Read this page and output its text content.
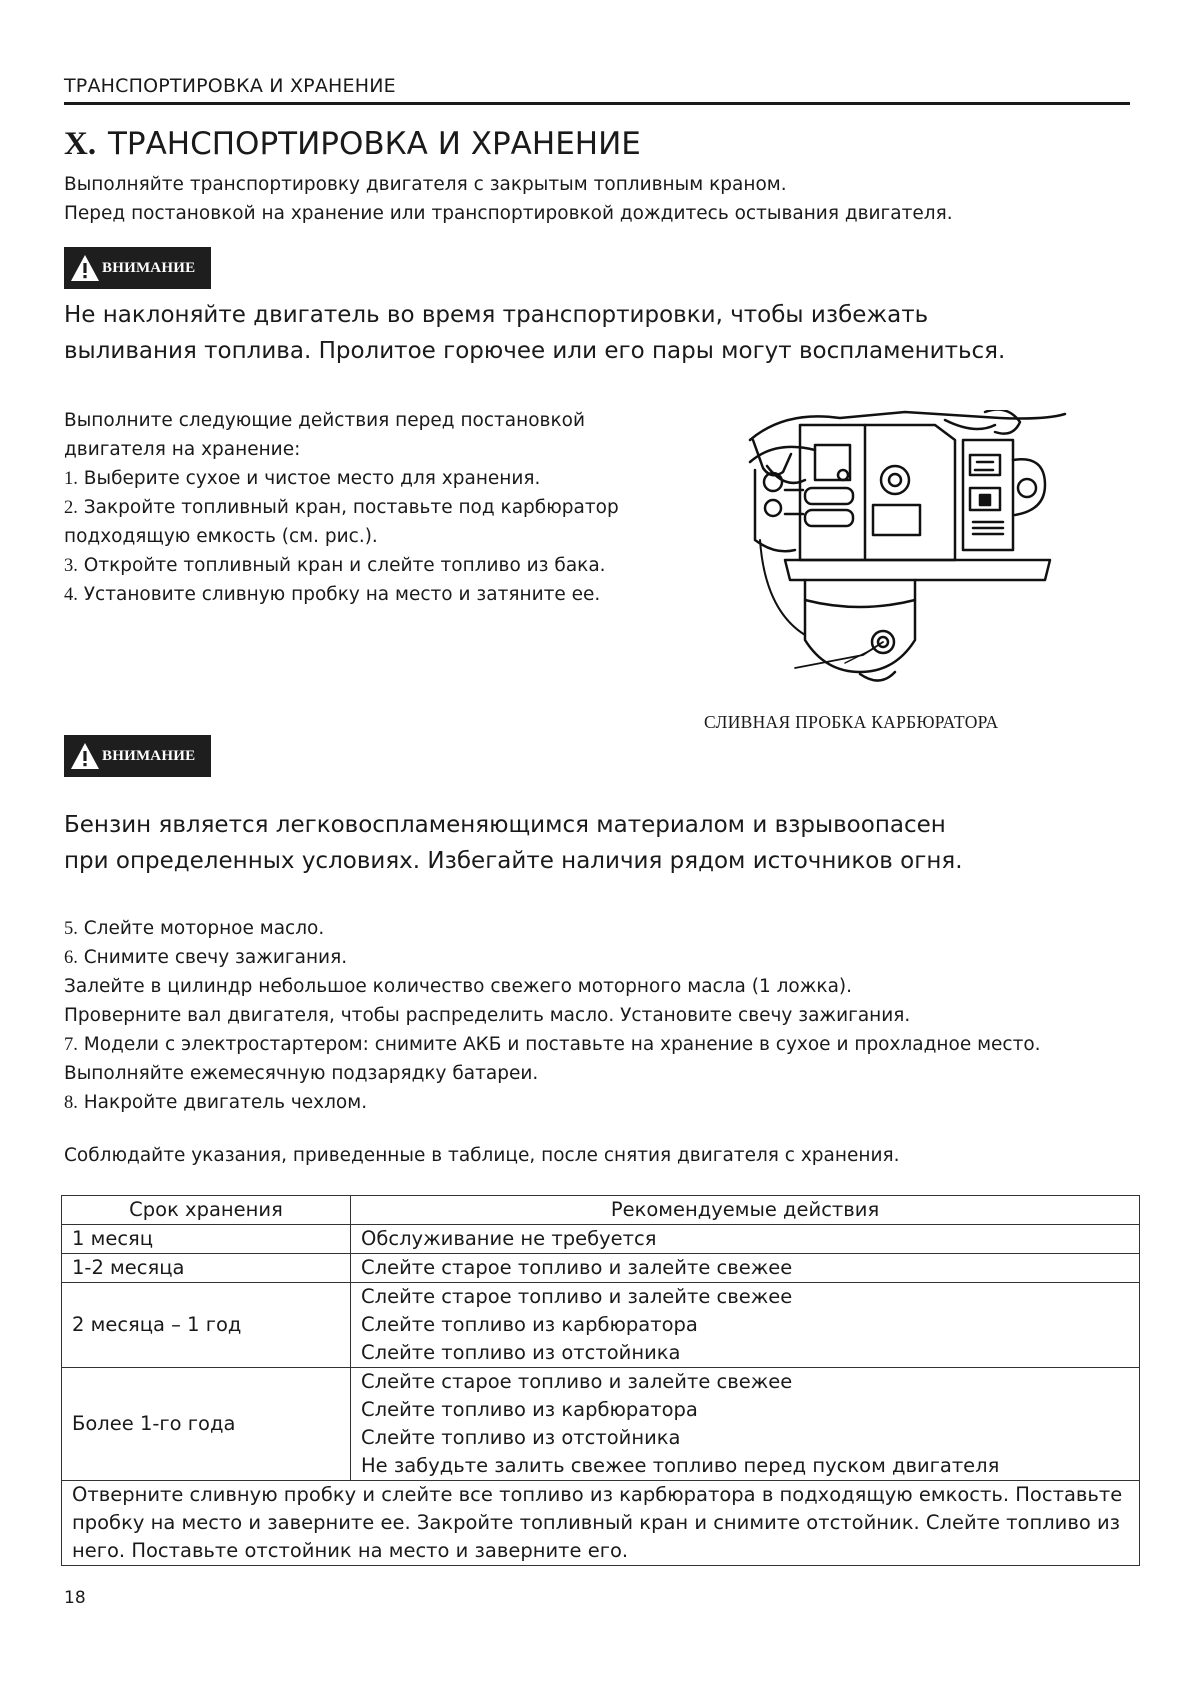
ТРАНСПОРТИРОВКА И ХРАНЕНИЕ
X. ТРАНСПОРТИРОВКА И ХРАНЕНИЕ
Выполняйте транспортировку двигателя с закрытым топливным краном.
Перед постановкой на хранение или транспортировкой дождитесь остывания двигателя.
ВНИМАНИЕ
Не наклоняйте двигатель во время транспортировки, чтобы избежать
выливания топлива. Пролитое горючее или его пары могут воспламениться.
Выполните следующие действия перед постановкой
двигателя на хранение:
1. Выберите сухое и чистое место для хранения.
2. Закройте топливный кран, поставьте под карбюратор
подходящую емкость (см. рис.).
3. Откройте топливный кран и слейте топливо из бака.
4. Установите сливную пробку на место и затяните ее.
СЛИВНАЯ ПРОБКА КАРБЮРАТОРА
ВНИМАНИЕ
Бензин является легковоспламеняющимся материалом и взрывоопасен
при определенных условиях. Избегайте наличия рядом источников огня.
5. Слейте моторное масло.
6. Снимите свечу зажигания.
Залейте в цилиндр небольшое количество свежего моторного масла (1 ложка).
Проверните вал двигателя, чтобы распределить масло. Установите свечу зажигания.
7. Модели с электростартером: снимите АКБ и поставьте на хранение в сухое и прохладное место.
Выполняйте ежемесячную подзарядку батареи.
8. Накройте двигатель чехлом.
Соблюдайте указания, приведенные в таблице, после снятия двигателя с хранения.
Срок хранения	Рекомендуемые действия
1 месяц	Обслуживание не требуется

1-2 месяца	Слейте старое топливо и залейте свежее

2 месяца – 1 год	Слейте старое топливо и залейте свежее
Слейте топливо из карбюратора
Слейте топливо из отстойника

Более 1-го года	Слейте старое топливо и залейте свежее
Слейте топливо из карбюратора
Слейте топливо из отстойника
Не забудьте залить свежее топливо перед пуском двигателя

Отверните сливную пробку и слейте все топливо из карбюратора в подходящую емкость. Поставьте
пробку на место и заверните ее. Закройте топливный кран и снимите отстойник. Слейте топливо из
него. Поставьте отстойник на место и заверните его.	
18
